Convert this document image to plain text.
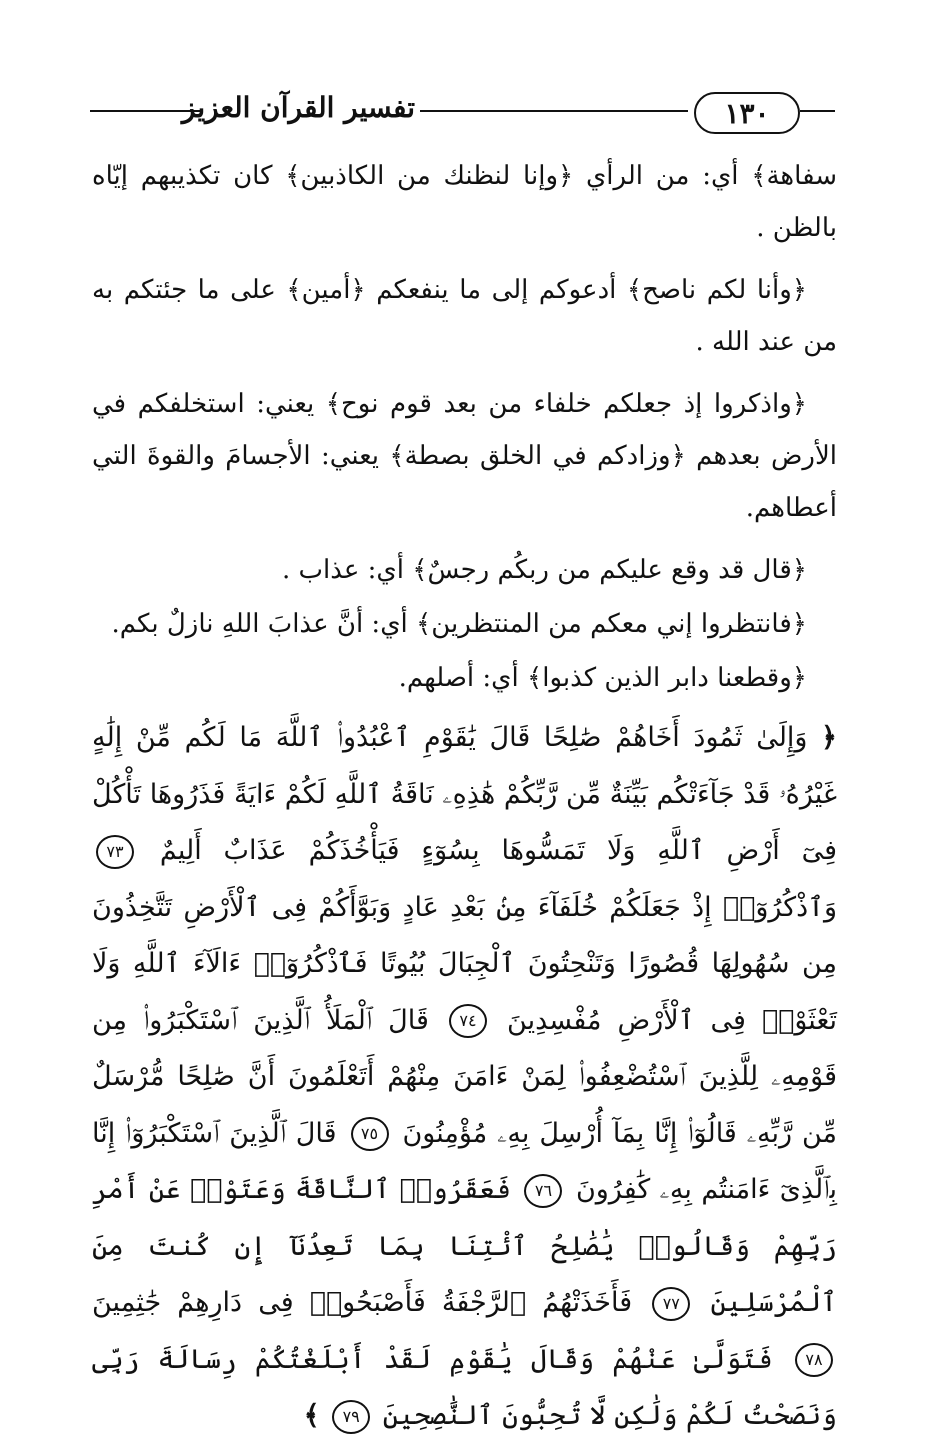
تفسير القرآن العزيز	١٣٠

سفاهة﴾ أي: من الرأي ﴿وإنا لنظنك من الكاذبين﴾ كان تكذيبهم إيّاه بالظن .

﴿وأنا لكم ناصح﴾ أدعوكم إلى ما ينفعكم ﴿أمين﴾ على ما جئتكم به من عند الله .

﴿واذكروا إذ جعلكم خلفاء من بعد قوم نوح﴾ يعني: استخلفكم في الأرض بعدهم ﴿وزادكم في الخلق بصطة﴾ يعني: الأجسامَ والقوةَ التي أعطاهم.

﴿قال قد وقع عليكم من ربكُم رجسٌ﴾ أي: عذاب .

﴿فانتظروا إني معكم من المنتظرين﴾ أي: أنَّ عذابَ اللهِ نازلٌ بكم.

﴿وقطعنا دابر الذين كذبوا﴾ أي: أصلهم.

﴿ وَإِلَىٰ ثَمُودَ أَخَاهُمْ صَٰلِحًا قَالَ يَٰقَوْمِ ٱعْبُدُوا۟ ٱللَّهَ مَا لَكُم مِّنْ إِلَٰهٍ غَيْرُهُۥ قَدْ جَآءَتْكُم بَيِّنَةٌ مِّن رَّبِّكُمْ هَٰذِهِۦ نَاقَةُ ٱللَّهِ لَكُمْ ءَايَةً فَذَرُوهَا تَأْكُلْ فِىٓ أَرْضِ ٱللَّهِ وَلَا تَمَسُّوهَا بِسُوٓءٍ فَيَأْخُذَكُمْ عَذَابٌ أَلِيمٌ
٧٣
وَٱذْكُرُوٓا۟ إِذْ جَعَلَكُمْ خُلَفَآءَ مِنۢ بَعْدِ عَادٍ وَبَوَّأَكُمْ فِى ٱلْأَرْضِ تَتَّخِذُونَ مِن سُهُولِهَا قُصُورًا وَتَنْحِتُونَ ٱلْجِبَالَ بُيُوتًا فَٱذْكُرُوٓا۟ ءَالَآءَ ٱللَّهِ وَلَا تَعْثَوْا۟ فِى ٱلْأَرْضِ مُفْسِدِينَ
٧٤
قَالَ ٱلْمَلَأُ ٱلَّذِينَ ٱسْتَكْبَرُوا۟ مِن قَوْمِهِۦ لِلَّذِينَ ٱسْتُضْعِفُوا۟ لِمَنْ ءَامَنَ مِنْهُمْ أَتَعْلَمُونَ أَنَّ صَٰلِحًا مُّرْسَلٌ مِّن رَّبِّهِۦ قَالُوٓا۟ إِنَّا بِمَآ أُرْسِلَ بِهِۦ مُؤْمِنُونَ
٧٥
قَالَ ٱلَّذِينَ ٱسْتَكْبَرُوٓا۟ إِنَّا بِٱلَّذِىٓ ءَامَنتُم بِهِۦ كَٰفِرُونَ
٧٦
فَعَقَرُوا۟ ٱلنَّاقَةَ وَعَتَوْا۟ عَنْ أَمْرِ رَبِّهِمْ وَقَالُوا۟ يَٰصَٰلِحُ ٱئْتِنَا بِمَا تَعِدُنَآ إِن كُنتَ مِنَ ٱلْمُرْسَلِينَ
٧٧
فَأَخَذَتْهُمُ ٱلرَّجْفَةُ فَأَصْبَحُوا۟ فِى دَارِهِمْ جَٰثِمِينَ
٧٨
فَتَوَلَّىٰ عَنْهُمْ وَقَالَ يَٰقَوْمِ لَقَدْ أَبْلَغْتُكُمْ رِسَالَةَ رَبِّى وَنَصَحْتُ لَكُمْ وَلَٰكِن لَّا تُحِبُّونَ ٱلنَّٰصِحِينَ
٧٩
﴾
